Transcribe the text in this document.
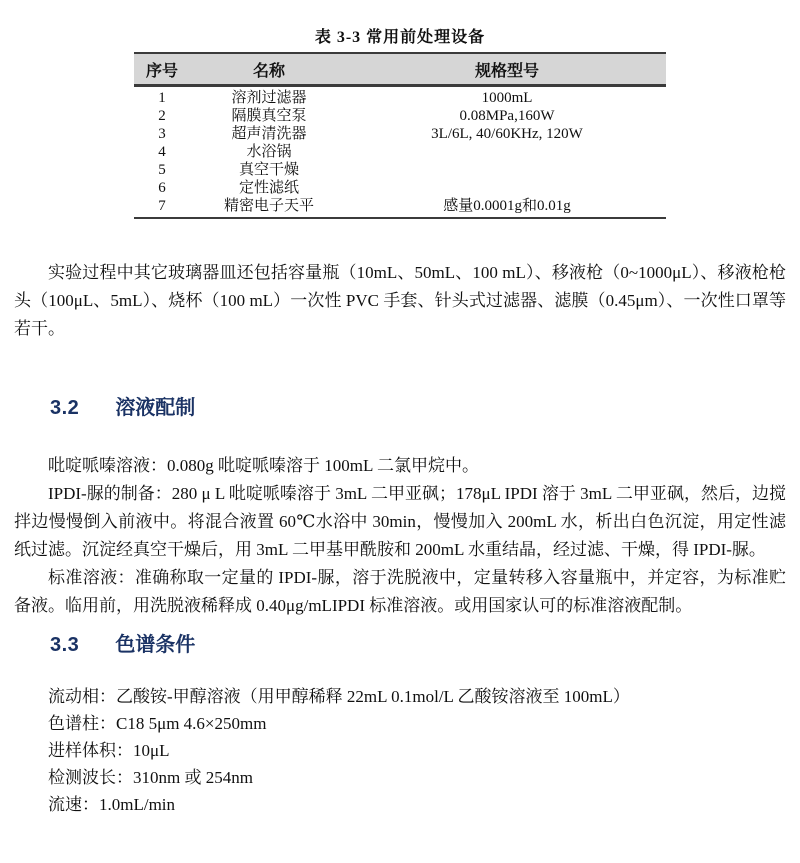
表 3-3 常用前处理设备
序号	名称	规格型号
1	溶剂过滤器	1000mL
2	隔膜真空泵	0.08MPa,160W
3	超声清洗器	3L/6L, 40/60KHz, 120W
4	水浴锅	
5	真空干燥	
6	定性滤纸	
7	精密电子天平	感量0.0001g和0.01g

实验过程中其它玻璃器皿还包括容量瓶（10mL、50mL、100 mL）、移液枪（0~1000μL）、移液枪枪头（100μL、5mL）、烧杯（100 mL）一次性 PVC 手套、针头式过滤器、滤膜（0.45μm）、一次性口罩等若干。

3.2 溶液配制

吡啶哌嗪溶液：0.080g 吡啶哌嗪溶于 100mL 二氯甲烷中。

IPDI-脲的制备：280 μ L 吡啶哌嗪溶于 3mL 二甲亚砜；178μL IPDI 溶于 3mL 二甲亚砜，然后，边搅拌边慢慢倒入前液中。将混合液置 60℃水浴中 30min，慢慢加入 200mL 水，析出白色沉淀，用定性滤纸过滤。沉淀经真空干燥后，用 3mL 二甲基甲酰胺和 200mL 水重结晶，经过滤、干燥，得 IPDI-脲。

标准溶液：准确称取一定量的 IPDI-脲，溶于洗脱液中，定量转移入容量瓶中，并定容，为标准贮备液。临用前，用洗脱液稀释成 0.40μg/mLIPDI 标准溶液。或用国家认可的标准溶液配制。

3.3 色谱条件

流动相：乙酸铵-甲醇溶液（用甲醇稀释 22mL 0.1mol/L 乙酸铵溶液至 100mL）

色谱柱：C18 5μm 4.6×250mm

进样体积：10μL

检测波长：310nm 或 254nm

流速：1.0mL/min
